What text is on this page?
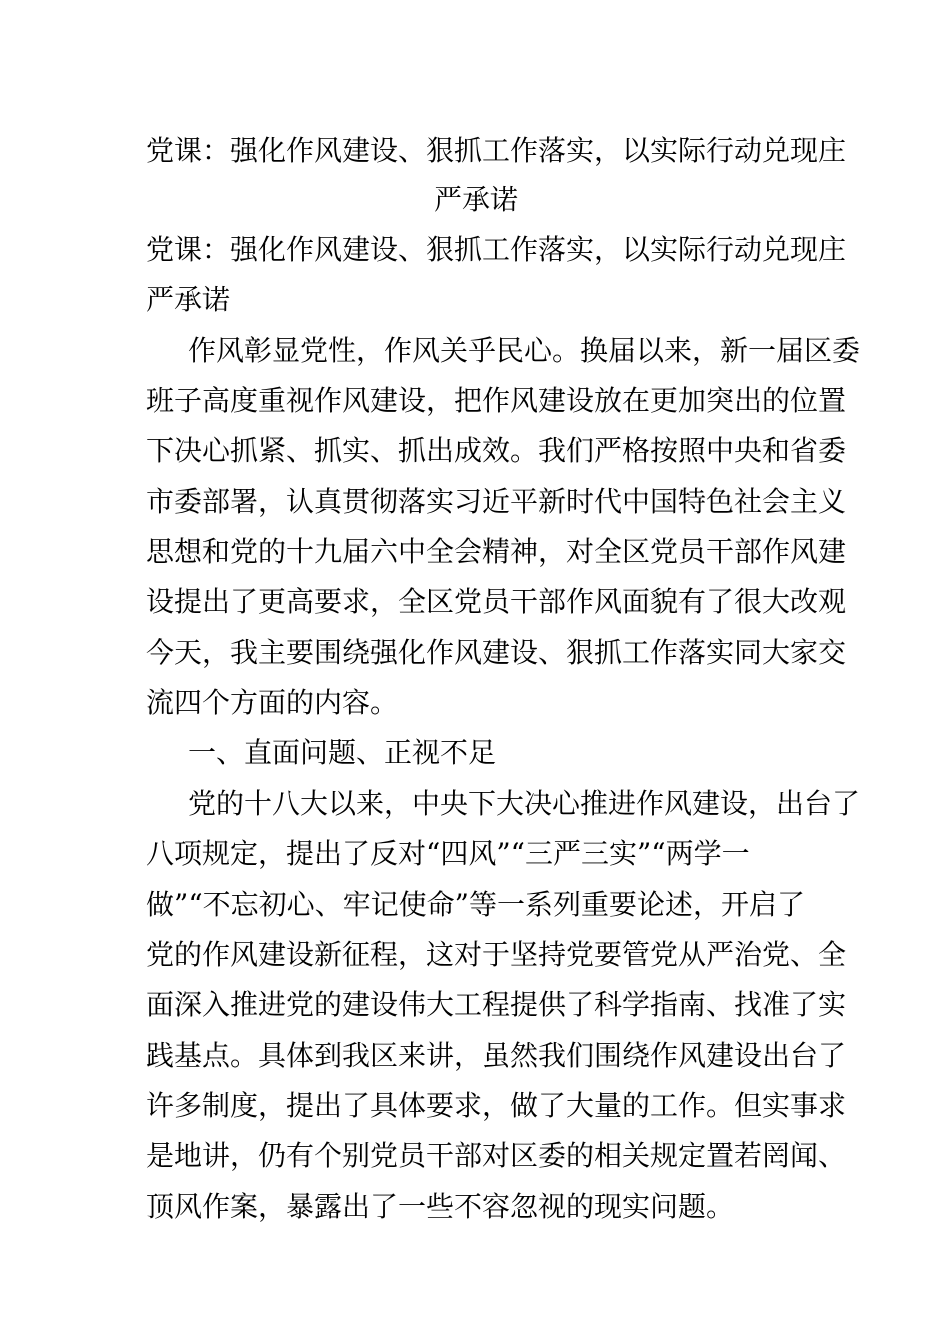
党课：强化作风建设、狠抓工作落实，以实际行动兑现庄
严承诺
党课：强化作风建设、狠抓工作落实，以实际行动兑现庄
严承诺
作风彰显党性，作风关乎民心。换届以来，新一届区委
班子高度重视作风建设，把作风建设放在更加突出的位置
下决心抓紧、抓实、抓出成效。我们严格按照中央和省委
市委部署，认真贯彻落实习近平新时代中国特色社会主义
思想和党的十九届六中全会精神，对全区党员干部作风建
设提出了更高要求，全区党员干部作风面貌有了很大改观
今天，我主要围绕强化作风建设、狠抓工作落实同大家交
流四个方面的内容。
一、直面问题、正视不足
党的十八大以来，中央下大决心推进作风建设，出台了
八项规定，提出了反对“四风”“三严三实”“两学一
做”“不忘初心、牢记使命”等一系列重要论述，开启了
党的作风建设新征程，这对于坚持党要管党从严治党、全
面深入推进党的建设伟大工程提供了科学指南、找准了实
践基点。具体到我区来讲，虽然我们围绕作风建设出台了
许多制度，提出了具体要求，做了大量的工作。但实事求
是地讲，仍有个别党员干部对区委的相关规定置若罔闻、
顶风作案，暴露出了一些不容忽视的现实问题。
